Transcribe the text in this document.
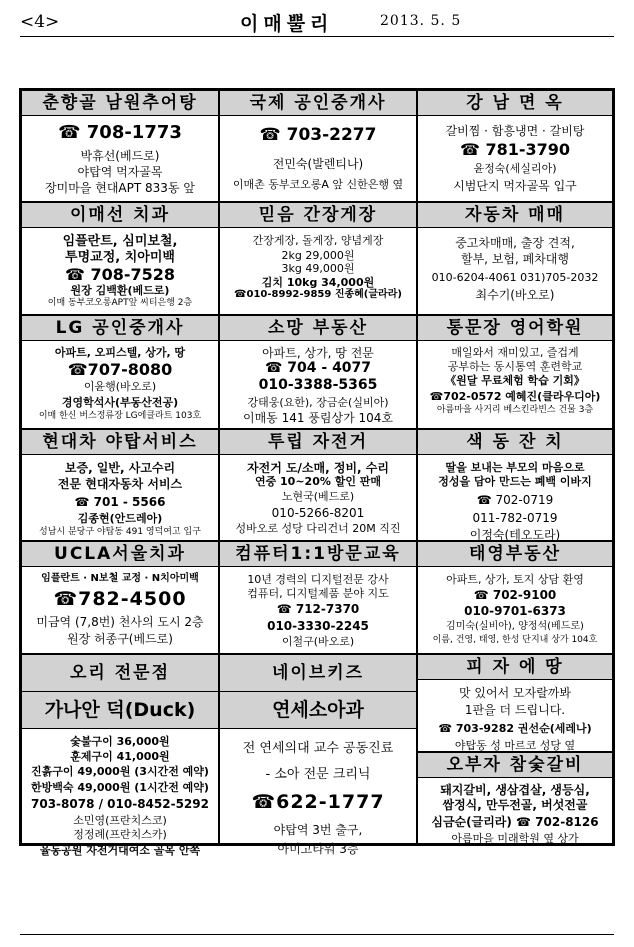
<4>	이매뿔리	2013. 5. 5
춘향골 남원추어탕
☎ 708-1773
박휴선(베드로)
야탑역 먹자골목
장미마을 현대APT 833동 앞
국제 공인중개사
☎ 703-2277
전민숙(발렌티나)
이매촌 동부코오롱A 앞 신한은행 옆
강 남 면 옥
갈비찜 · 함흥냉면 · 갈비탕
☎ 781-3790
윤정숙(세실리아)
시범단지 먹자골목 입구
이매선 치과
임플란트, 심미보철,
투명교정, 치아미백
☎ 708-7528
원장 김백환(베드로)
이매 동부코오롱APT앞 씨티은행 2층
믿음 간장게장
간장게장, 돌게장, 양념게장
2kg 29,000원
3kg 49,000원
김치 10kg 34,000원
☎010-8992-9859 진종혜(글라라)
자동차 매매
중고차매매, 출장 견적,
할부, 보험, 폐차대행
010-6204-4061 031)705-2032
최수기(바오로)
LG 공인중개사
아파트, 오피스텔, 상가, 땅
☎707-8080
이윤행(바오로)
경영학석사(부동산전공)
이매 한신 버스정류장 LG에클라트 103호
소망 부동산
아파트, 상가, 땅 전문
☎ 704 - 4077
010-3388-5365
강태웅(요한), 장금순(실비아)
이매동 141 풍림상가 104호
통문장 영어학원
매일와서 재미있고, 즐겁게
공부하는 동시통역 훈련학교
《원달 무료체험 학습 기회》
☎702-0572 예혜진(클라우디아)
아름마을 사거리 베스킨라빈스 건물 3층
현대차 야탑서비스
보증, 일반, 사고수리
전문 현대자동차 서비스
☎ 701 - 5566
김종현(안드레아)
성남시 분당구 야탑동 491 영덕여고 입구
투립 자전거
자전거 도/소매, 정비, 수리
연중 10~20% 할인 판매
노현국(베드로)
010-5266-8201
성바오로 성당 다리건너 20M 직진
색 동 잔 치
딸을 보내는 부모의 마음으로
정성을 담아 만드는 폐백 이바지
☎ 702-0719
011-782-0719
이정숙(테오도라)
UCLA서울치과
임플란트 · N보철 교정 · N치아미백
☎782-4500
미금역 (7,8번) 천사의 도시 2층
원장 허종구(베드로)
컴퓨터1:1방문교육
10년 경력의 디지털전문 강사
컴퓨터, 디지털제품 분야 지도
☎ 712-7370
010-3330-2245
이철구(바오로)
태영부동산
아파트, 상가, 토지 상담 환영
☎ 702-9100
010-9701-6373
김미숙(실비아), 양정석(베드로)
이름, 건영, 태영, 한성 단지내 상가 104호
오리 전문점
가나안 덕(Duck)
숯불구이 36,000원
훈제구이 41,000원
진흙구이 49,000원 (3시간전 예약)
한방백숙 49,000원 (1시간전 예약)
703-8078 / 010-8452-5292
소민영(프란치스코)
정정례(프란치스카)
율동공원 자전거대여소 골목 안쪽
네이브키즈
연세소아과
전 연세의대 교수 공동진료
- 소아 전문 크리닉
☎622-1777
야탑역 3번 출구,
아미고타워 3층
피 자 에 땅
맛 있어서 모자랄까봐
1판을 더 드립니다.
☎ 703-9282 권선순(세레나)
야탑동 성 마르코 성당 옆
오부자 참숯갈비
돼지갈비, 생삼겹살, 생등심,
쌈정식, 만두전골, 버섯전골
심금순(글리라) ☎ 702-8126
아름마을 미래학원 옆 상가
